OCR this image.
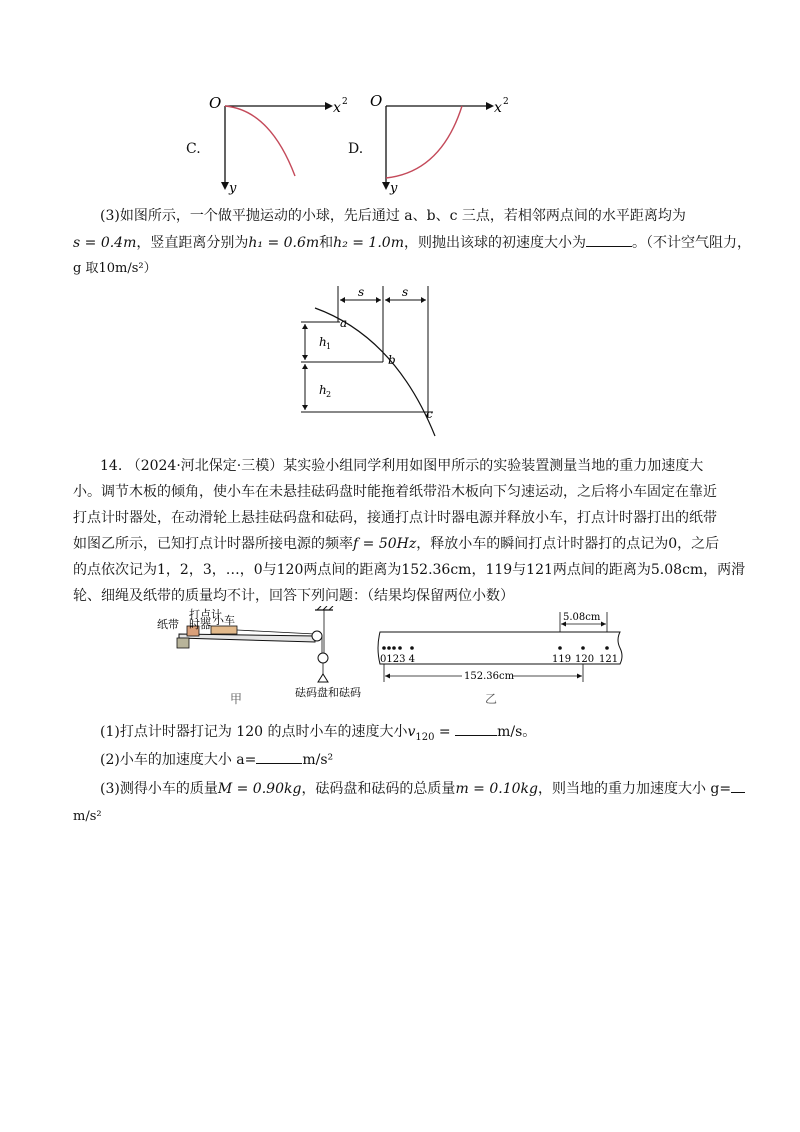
C.
O	x 2
y
D.
O	x 2
y
(3)如图所示，一个做平抛运动的小球，先后通过 a、b、c 三点，若相邻两点间的水平距离均为
s = 0.4m，竖直距离分别为h₁ = 0.6m和h₂ = 1.0m，则抛出该球的初速度大小为	。（不计空气阻力，
g 取10m/s²）
s	s
h 1
h 2
a
b
c
14. （2024·河北保定·三模）某实验小组同学利用如图甲所示的实验装置测量当地的重力加速度大
小。调节木板的倾角，使小车在未悬挂砝码盘时能拖着纸带沿木板向下匀速运动，之后将小车固定在靠近
打点计时器处，在动滑轮上悬挂砝码盘和砝码，接通打点计时器电源并释放小车，打点计时器打出的纸带
如图乙所示，已知打点计时器所接电源的频率f = 50Hz，释放小车的瞬间打点计时器打的点记为0，之后
的点依次记为1，2，3，…，0与120两点间的距离为152.36cm，119与121两点间的距离为5.08cm，两滑
轮、细绳及纸带的质量均不计，回答下列问题：（结果均保留两位小数）
打点计
时器
纸带	小车
砝码盘和砝码
甲
0123 4	119 120 121
5.08cm
152.36cm
乙
(1)打点计时器打记为 120 的点时小车的速度大小$v_{120}$ =	m/s。
(2)小车的加速度大小 a=	m/s²
(3)测得小车的质量M = 0.90kg，砝码盘和砝码的总质量m = 0.10kg，则当地的重力加速度大小 g=
m/s²
